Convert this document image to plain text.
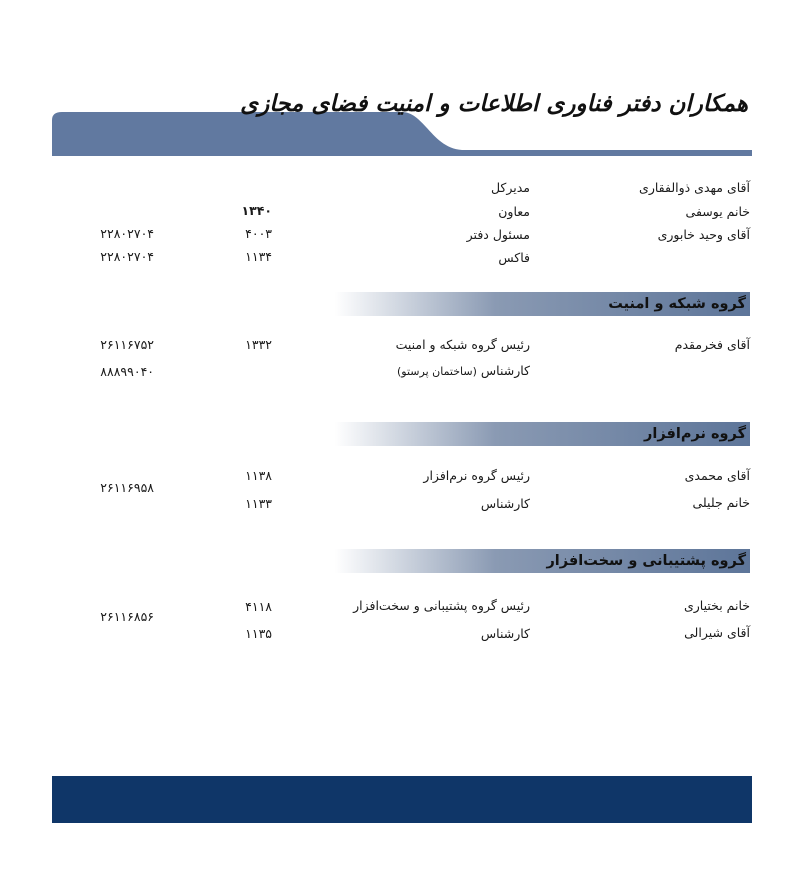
همکاران دفتر فناوری اطلاعات و امنیت فضای مجازی
آقای مهدی ذوالفقاری
مدیرکل
خانم یوسفی
معاون
۱۳۴۰
آقای وحید خابوری
مسئول دفتر
۴۰۰۳
۲۲۸۰۲۷۰۴
فاکس
۱۱۳۴
۲۲۸۰۲۷۰۴
گروه شبکه و امنیت
آقای فخرمقدم
رئیس گروه شبکه و امنیت
۱۳۳۲
۲۶۱۱۶۷۵۲
کارشناس (ساختمان پرستو)
۸۸۸۹۹۰۴۰
گروه نرم‌افزار
آقای محمدی
رئیس گروه نرم‌افزار
۱۱۳۸
خانم جلیلی
کارشناس
۱۱۳۳
۲۶۱۱۶۹۵۸
گروه پشتیبانی و سخت‌افزار
خانم بختیاری
رئیس گروه پشتیبانی و سخت‌افزار
۴۱۱۸
آقای شیرالی
کارشناس
۱۱۳۵
۲۶۱۱۶۸۵۶
